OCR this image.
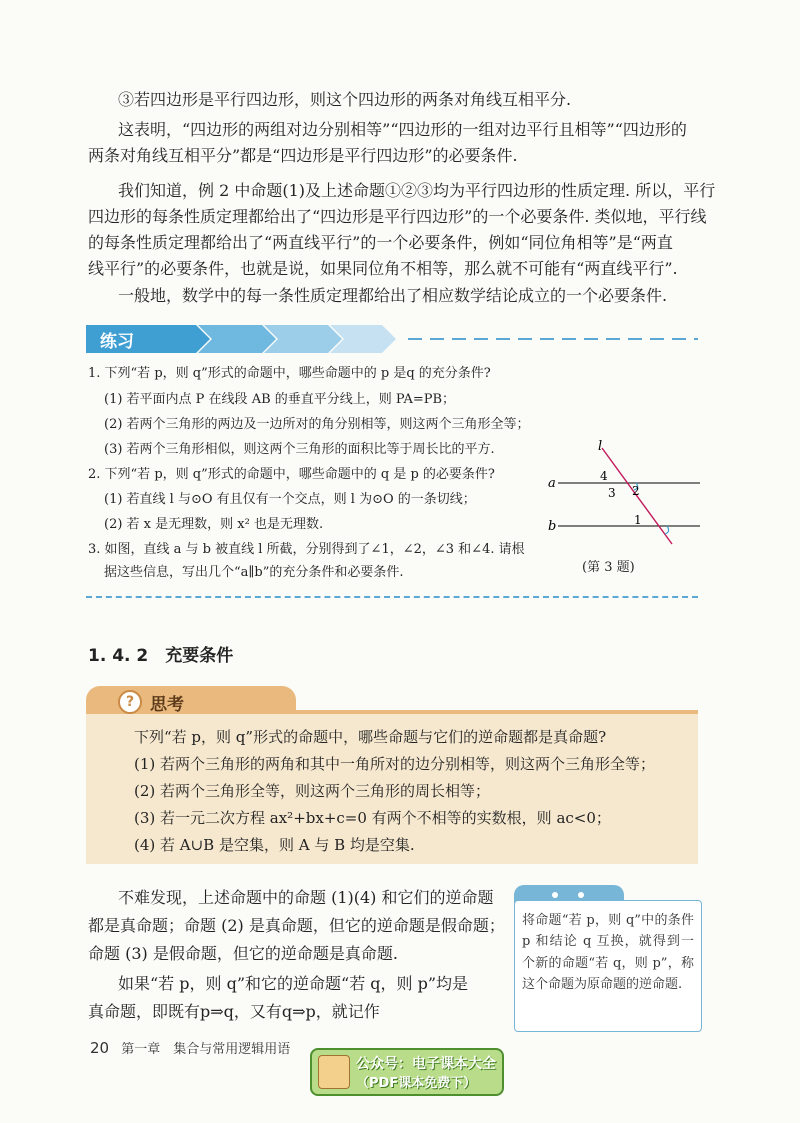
③若四边形是平行四边形，则这个四边形的两条对角线互相平分.

这表明，“四边形的两组对边分别相等”“四边形的一组对边平行且相等”“四边形的

两条对角线互相平分”都是“四边形是平行四边形”的必要条件.

我们知道，例 2 中命题(1)及上述命题①②③均为平行四边形的性质定理. 所以，平行

四边形的每条性质定理都给出了“四边形是平行四边形”的一个必要条件. 类似地，平行线

的每条性质定理都给出了“两直线平行”的一个必要条件，例如“同位角相等”是“两直

线平行”的必要条件，也就是说，如果同位角不相等，那么就不可能有“两直线平行”.

一般地，数学中的每一条性质定理都给出了相应数学结论成立的一个必要条件.

练习

1. 下列“若 p，则 q”形式的命题中，哪些命题中的 p 是q 的充分条件?

(1) 若平面内点 P 在线段 AB 的垂直平分线上，则 PA=PB；

(2) 若两个三角形的两边及一边所对的角分别相等，则这两个三角形全等；

(3) 若两个三角形相似，则这两个三角形的面积比等于周长比的平方.

2. 下列“若 p，则 q”形式的命题中，哪些命题中的 q 是 p 的必要条件?

(1) 若直线 l 与⊙O 有且仅有一个交点，则 l 为⊙O 的一条切线；

(2) 若 x 是无理数，则 x² 也是无理数.

3. 如图，直线 a 与 b 被直线 l 所截，分别得到了∠1，∠2，∠3 和∠4. 请根

据这些信息，写出几个“a∥b”的充分条件和必要条件.

l
a
b
4
3 2
1
(第 3 题)
1. 4. 2　充要条件
? 思考

下列“若 p，则 q”形式的命题中，哪些命题与它们的逆命题都是真命题?

(1) 若两个三角形的两角和其中一角所对的边分别相等，则这两个三角形全等；

(2) 若两个三角形全等，则这两个三角形的周长相等；

(3) 若一元二次方程 ax²+bx+c=0 有两个不相等的实数根，则 ac<0；

(4) 若 A∪B 是空集，则 A 与 B 均是空集.

不难发现，上述命题中的命题 (1)(4) 和它们的逆命题

都是真命题；命题 (2) 是真命题，但它的逆命题是假命题；

命题 (3) 是假命题，但它的逆命题是真命题.

如果“若 p，则 q”和它的逆命题“若 q，则 p”均是

真命题，即既有p⇒q，又有q⇒p，就记作

将命题“若 p，则 q”中的条件 p 和结论 q 互换，就得到一个新的命题“若 q，则 p”，称这个命题为原命题的逆命题.
20 第一章　集合与常用逻辑用语
公众号：电子课本大全
（PDF课本免费下）
